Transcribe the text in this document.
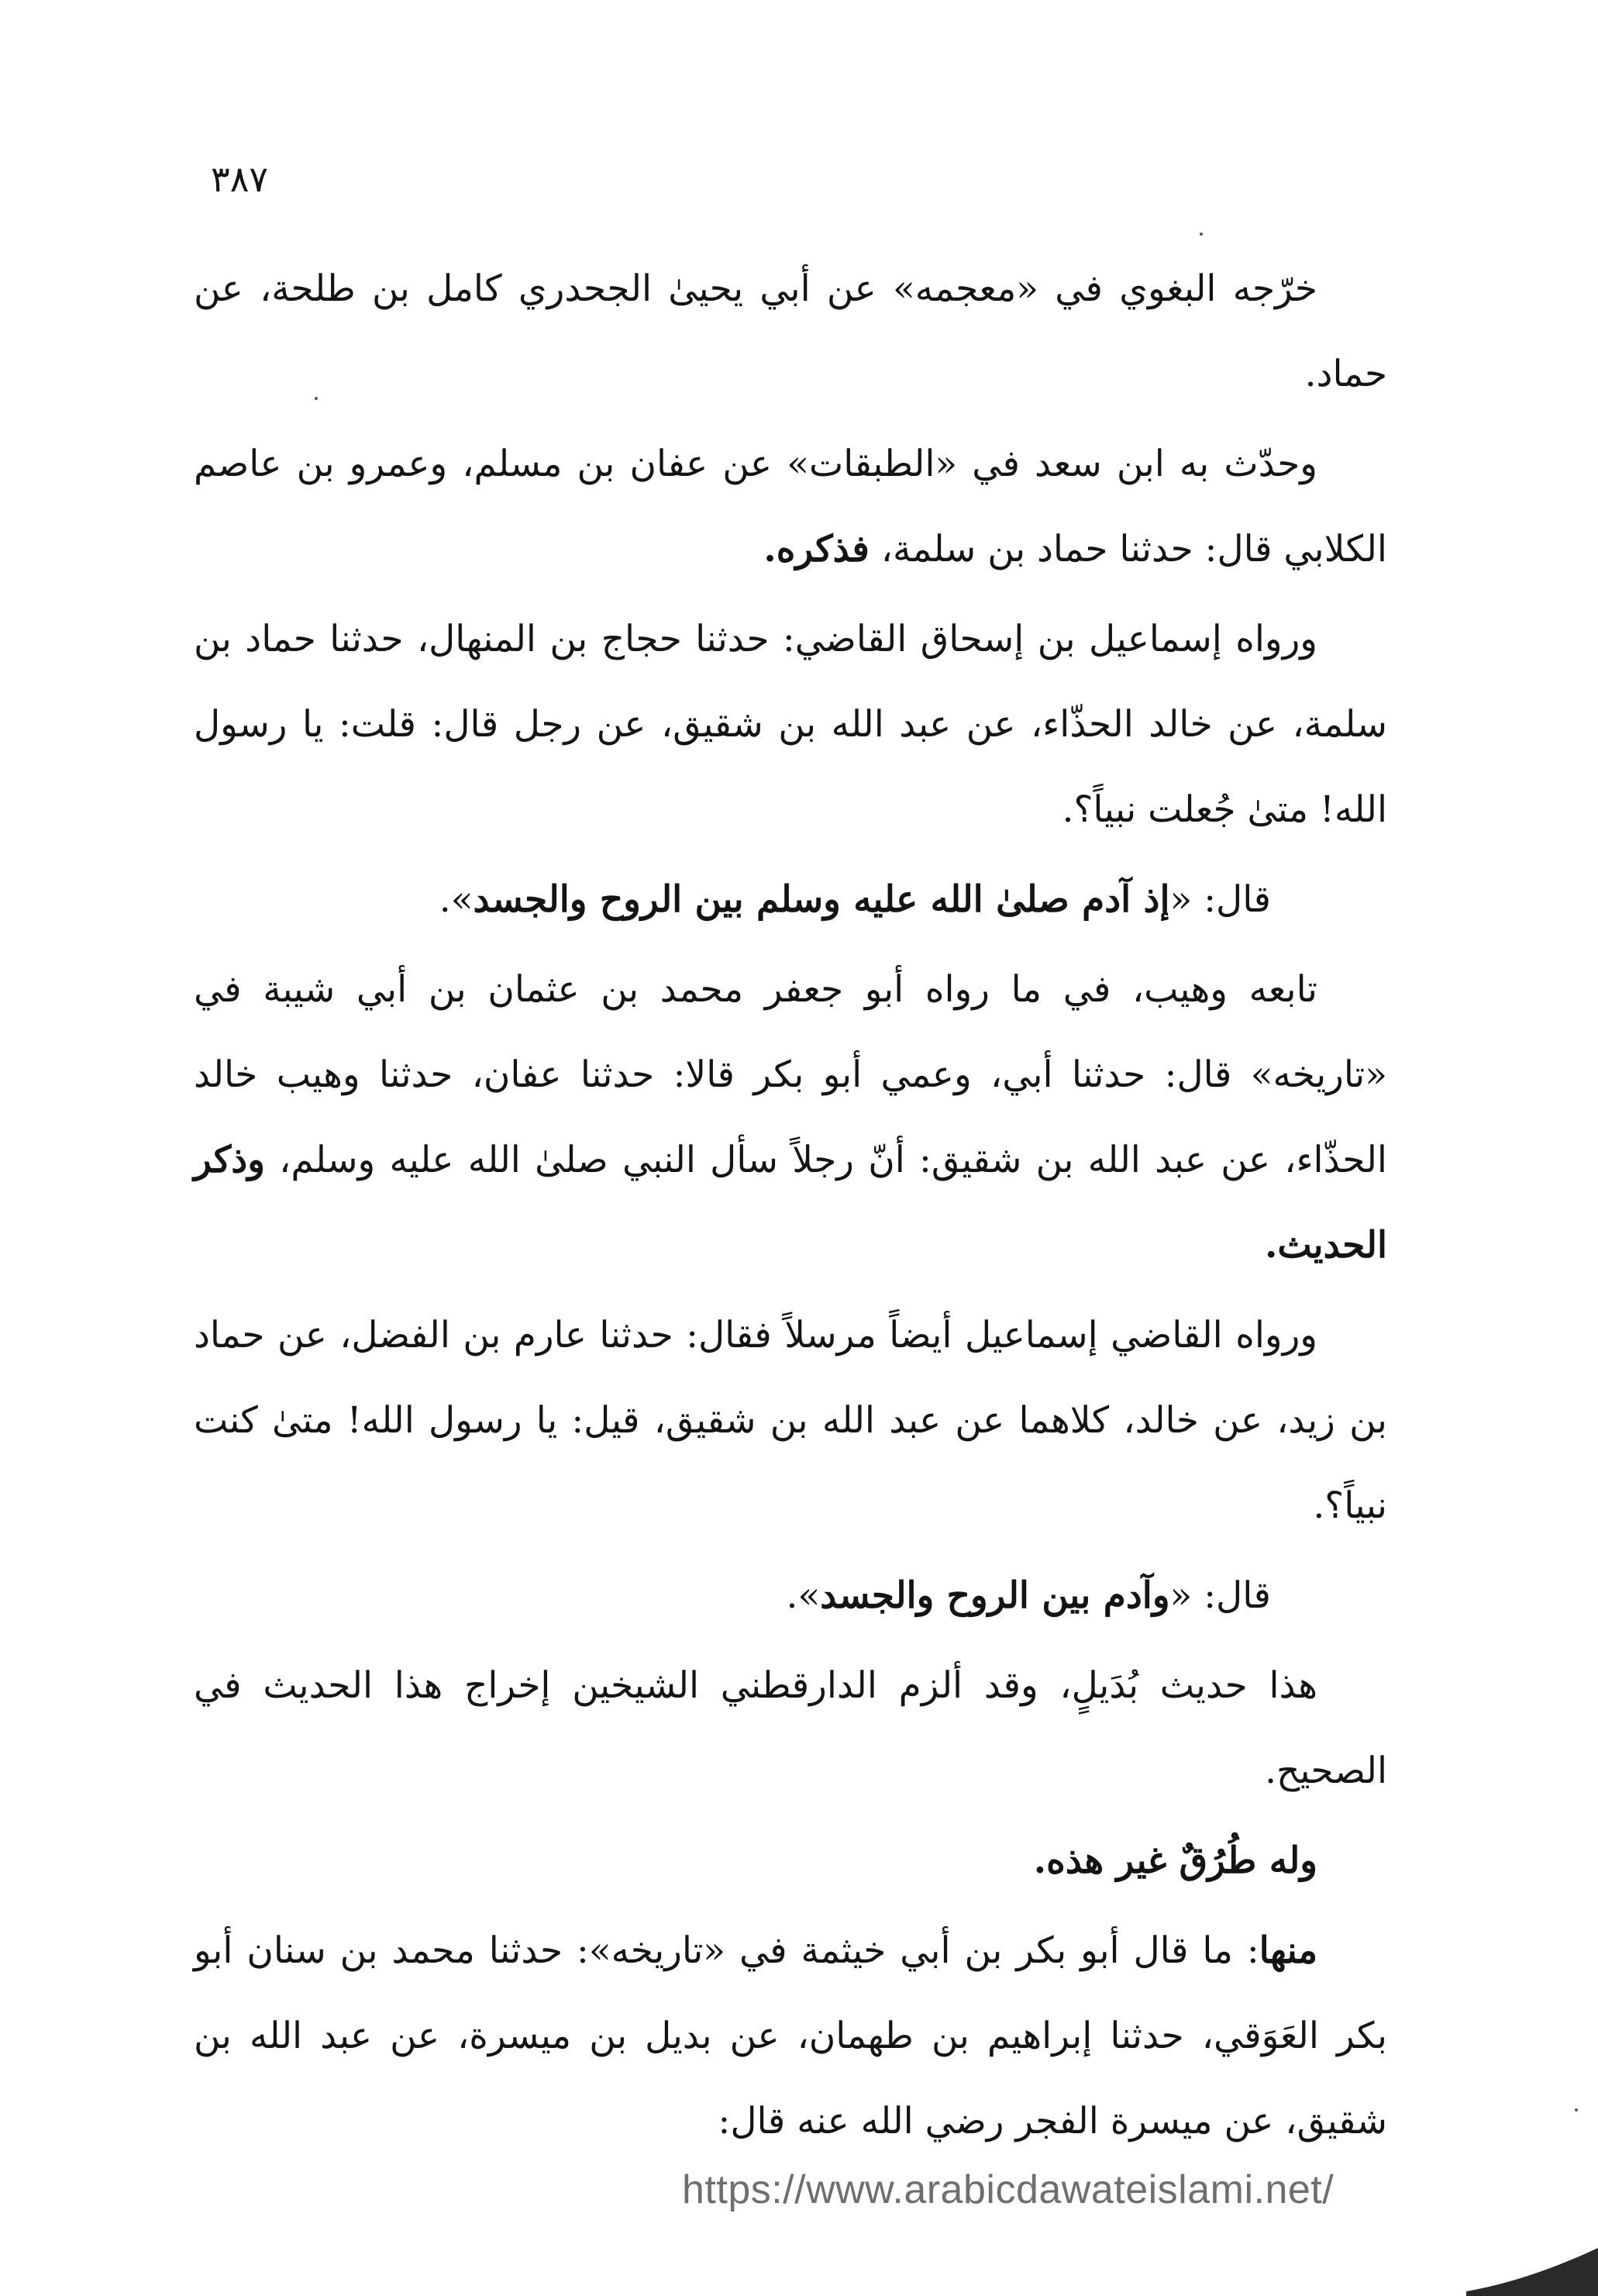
٣٨٧

خرّجه البغوي في «معجمه» عن أبي يحيىٰ الجحدري كامل بن طلحة، عن حماد.

وحدّث به ابن سعد في «الطبقات» عن عفان بن مسلم، وعمرو بن عاصم الكلابي قال: حدثنا حماد بن سلمة، فذكره.

ورواه إسماعيل بن إسحاق القاضي: حدثنا حجاج بن المنهال، حدثنا حماد بن سلمة، عن خالد الحذّاء، عن عبد الله بن شقيق، عن رجل قال: قلت: يا رسول الله! متىٰ جُعلت نبياً؟.

قال: «إذ آدم صلىٰ الله عليه وسلم بين الروح والجسد».

تابعه وهيب، في ما رواه أبو جعفر محمد بن عثمان بن أبي شيبة في «تاريخه» قال: حدثنا أبي، وعمي أبو بكر قالا: حدثنا عفان، حدثنا وهيب خالد الحذّاء، عن عبد الله بن شقيق: أنّ رجلاً سأل النبي صلىٰ الله عليه وسلم، وذكر الحديث.

ورواه القاضي إسماعيل أيضاً مرسلاً فقال: حدثنا عارم بن الفضل، عن حماد بن زيد، عن خالد، كلاهما عن عبد الله بن شقيق، قيل: يا رسول الله! متىٰ كنت نبياً؟.

قال: «وآدم بين الروح والجسد».

هذا حديث بُدَيلٍ، وقد ألزم الدارقطني الشيخين إخراج هذا الحديث في الصحيح.

وله طُرُقٌ غير هذه.

منها: ما قال أبو بكر بن أبي خيثمة في «تاريخه»: حدثنا محمد بن سنان أبو بكر العَوَقي، حدثنا إبراهيم بن طهمان، عن بديل بن ميسرة، عن عبد الله بن شقيق، عن ميسرة الفجر رضي الله عنه قال:

https://www.arabicdawateislami.net/
